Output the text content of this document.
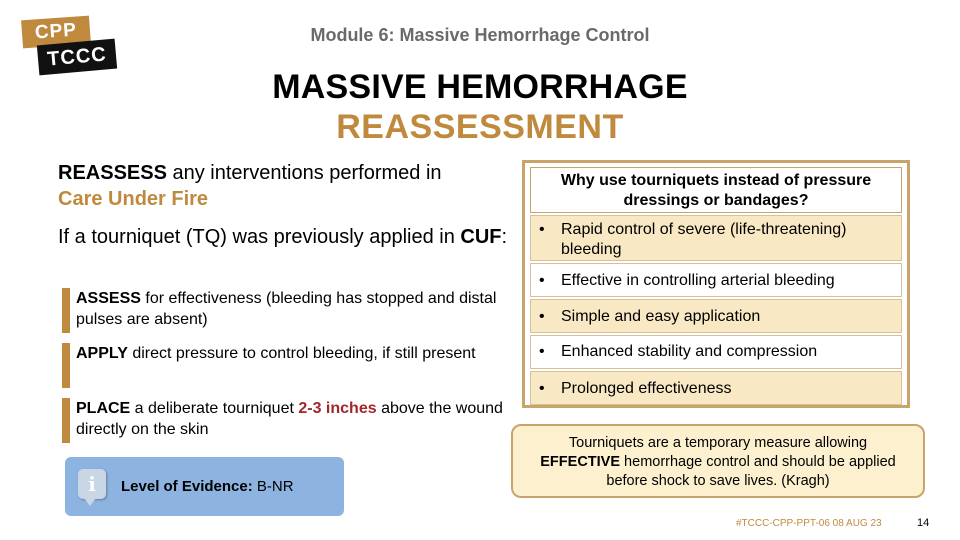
CPP
TCCC
Module 6: Massive Hemorrhage Control
MASSIVE HEMORRHAGE
REASSESSMENT

REASSESS any interventions performed in
Care Under Fire

If a tourniquet (TQ) was previously applied in CUF:

ASSESS for effectiveness (bleeding has stopped and distal pulses are absent)
APPLY direct pressure to control bleeding, if still present
PLACE a deliberate tourniquet 2-3 inches above the wound directly on the skin
i	Level of Evidence: B-NR
Why use tourniquets instead of pressure dressings or bandages?
• Rapid control of severe (life-threatening) bleeding
• Effective in controlling arterial bleeding
• Simple and easy application
• Enhanced stability and compression
• Prolonged effectiveness
Tourniquets are a temporary measure allowing
EFFECTIVE hemorrhage control and should be applied
before shock to save lives. (Kragh)
#TCCC-CPP-PPT-06 08 AUG 23	14
